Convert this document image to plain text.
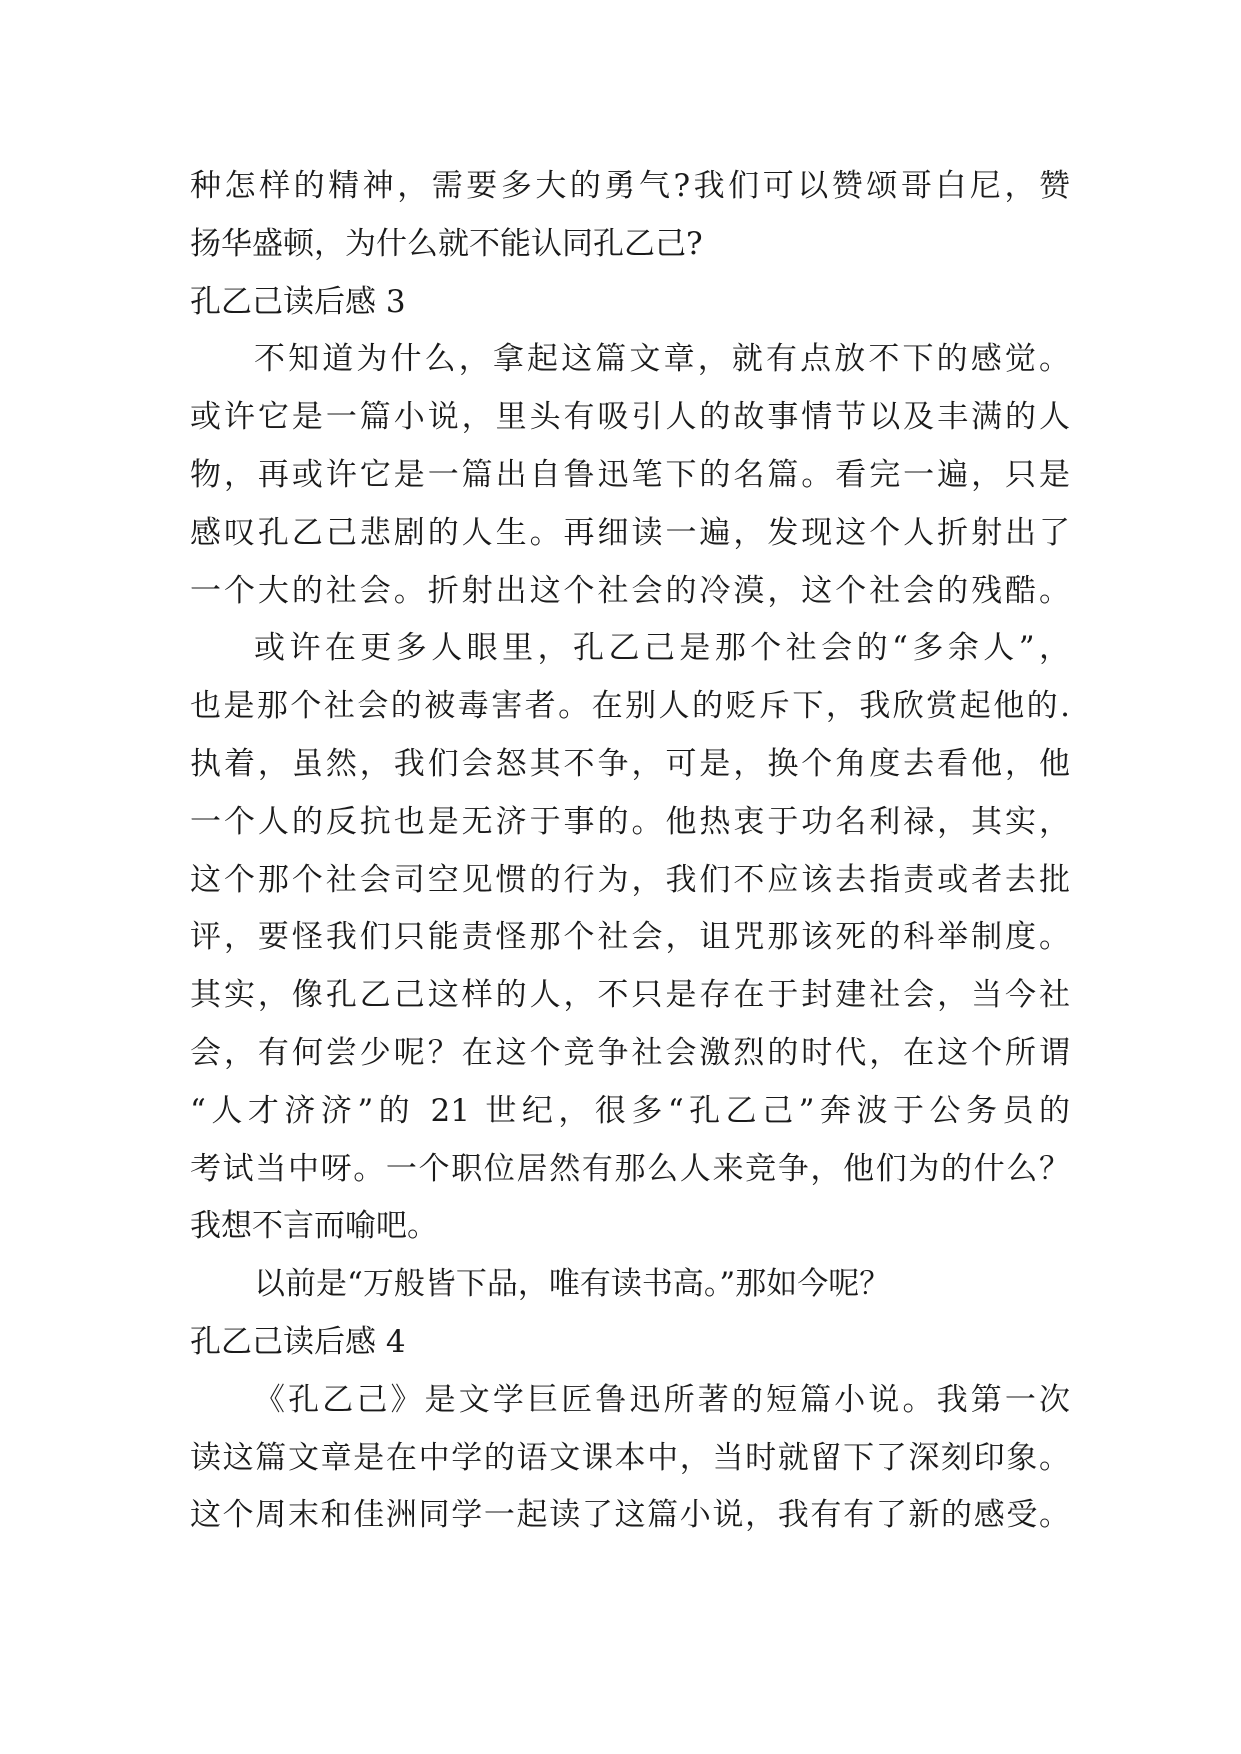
种怎样的精神，需要多大的勇气?我们可以赞颂哥白尼，赞
扬华盛顿，为什么就不能认同孔乙己?
孔乙己读后感 3
不知道为什么，拿起这篇文章，就有点放不下的感觉。
或许它是一篇小说，里头有吸引人的故事情节以及丰满的人
物，再或许它是一篇出自鲁迅笔下的名篇。看完一遍，只是
感叹孔乙己悲剧的人生。再细读一遍，发现这个人折射出了
一个大的社会。折射出这个社会的冷漠，这个社会的残酷。
或许在更多人眼里，孔乙己是那个社会的“多余人”，
也是那个社会的被毒害者。在别人的贬斥下，我欣赏起他的.
执着，虽然，我们会怒其不争，可是，换个角度去看他，他
一个人的反抗也是无济于事的。他热衷于功名利禄，其实，
这个那个社会司空见惯的行为，我们不应该去指责或者去批
评，要怪我们只能责怪那个社会，诅咒那该死的科举制度。
其实，像孔乙己这样的人，不只是存在于封建社会，当今社
会，有何尝少呢？在这个竞争社会激烈的时代，在这个所谓
“人才济济”的 21 世纪，很多“孔乙己”奔波于公务员的
考试当中呀。一个职位居然有那么人来竞争，他们为的什么？
我想不言而喻吧。
以前是“万般皆下品，唯有读书高。”那如今呢？
孔乙己读后感 4
《孔乙己》是文学巨匠鲁迅所著的短篇小说。我第一次
读这篇文章是在中学的语文课本中，当时就留下了深刻印象。
这个周末和佳洲同学一起读了这篇小说，我有有了新的感受。
